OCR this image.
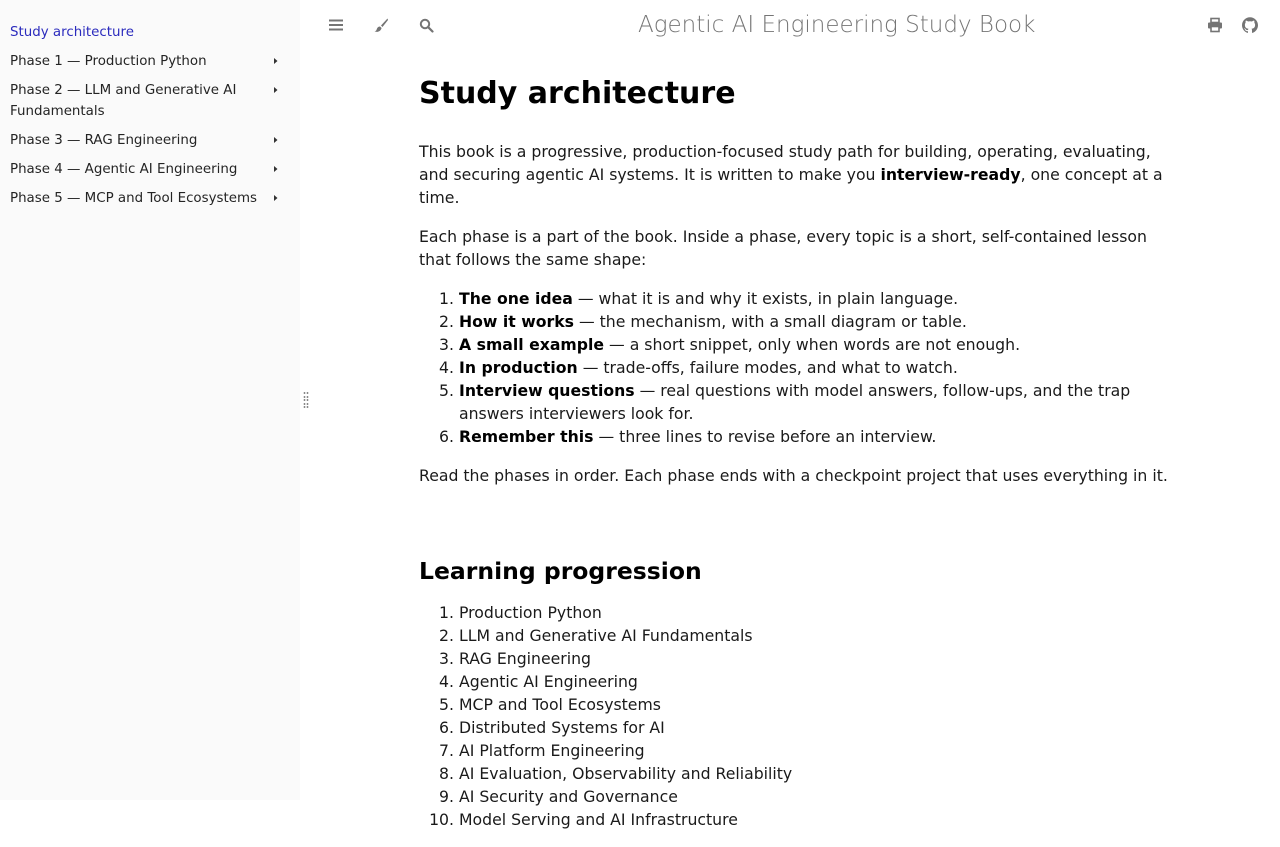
Study architecture
Phase 1 — Production Python
Phase 2 — LLM and Generative AI Fundamentals
Phase 3 — RAG Engineering
Phase 4 — Agentic AI Engineering
Phase 5 — MCP and Tool Ecosystems
Agentic AI Engineering Study Book
Study architecture

This book is a progressive, production-focused study path for building, operating, evaluating, and securing agentic AI systems. It is written to make you interview-ready, one concept at a time.

Each phase is a part of the book. Inside a phase, every topic is a short, self-contained lesson that follows the same shape:

1. The one idea — what it is and why it exists, in plain language.
2. How it works — the mechanism, with a small diagram or table.
3. A small example — a short snippet, only when words are not enough.
4. In production — trade-offs, failure modes, and what to watch.
5. Interview questions — real questions with model answers, follow-ups, and the trap answers interviewers look for.
6. Remember this — three lines to revise before an interview.

Read the phases in order. Each phase ends with a checkpoint project that uses everything in it.

Learning progression
1. Production Python
2. LLM and Generative AI Fundamentals
3. RAG Engineering
4. Agentic AI Engineering
5. MCP and Tool Ecosystems
6. Distributed Systems for AI
7. AI Platform Engineering
8. AI Evaluation, Observability and Reliability
9. AI Security and Governance
10. Model Serving and AI Infrastructure
